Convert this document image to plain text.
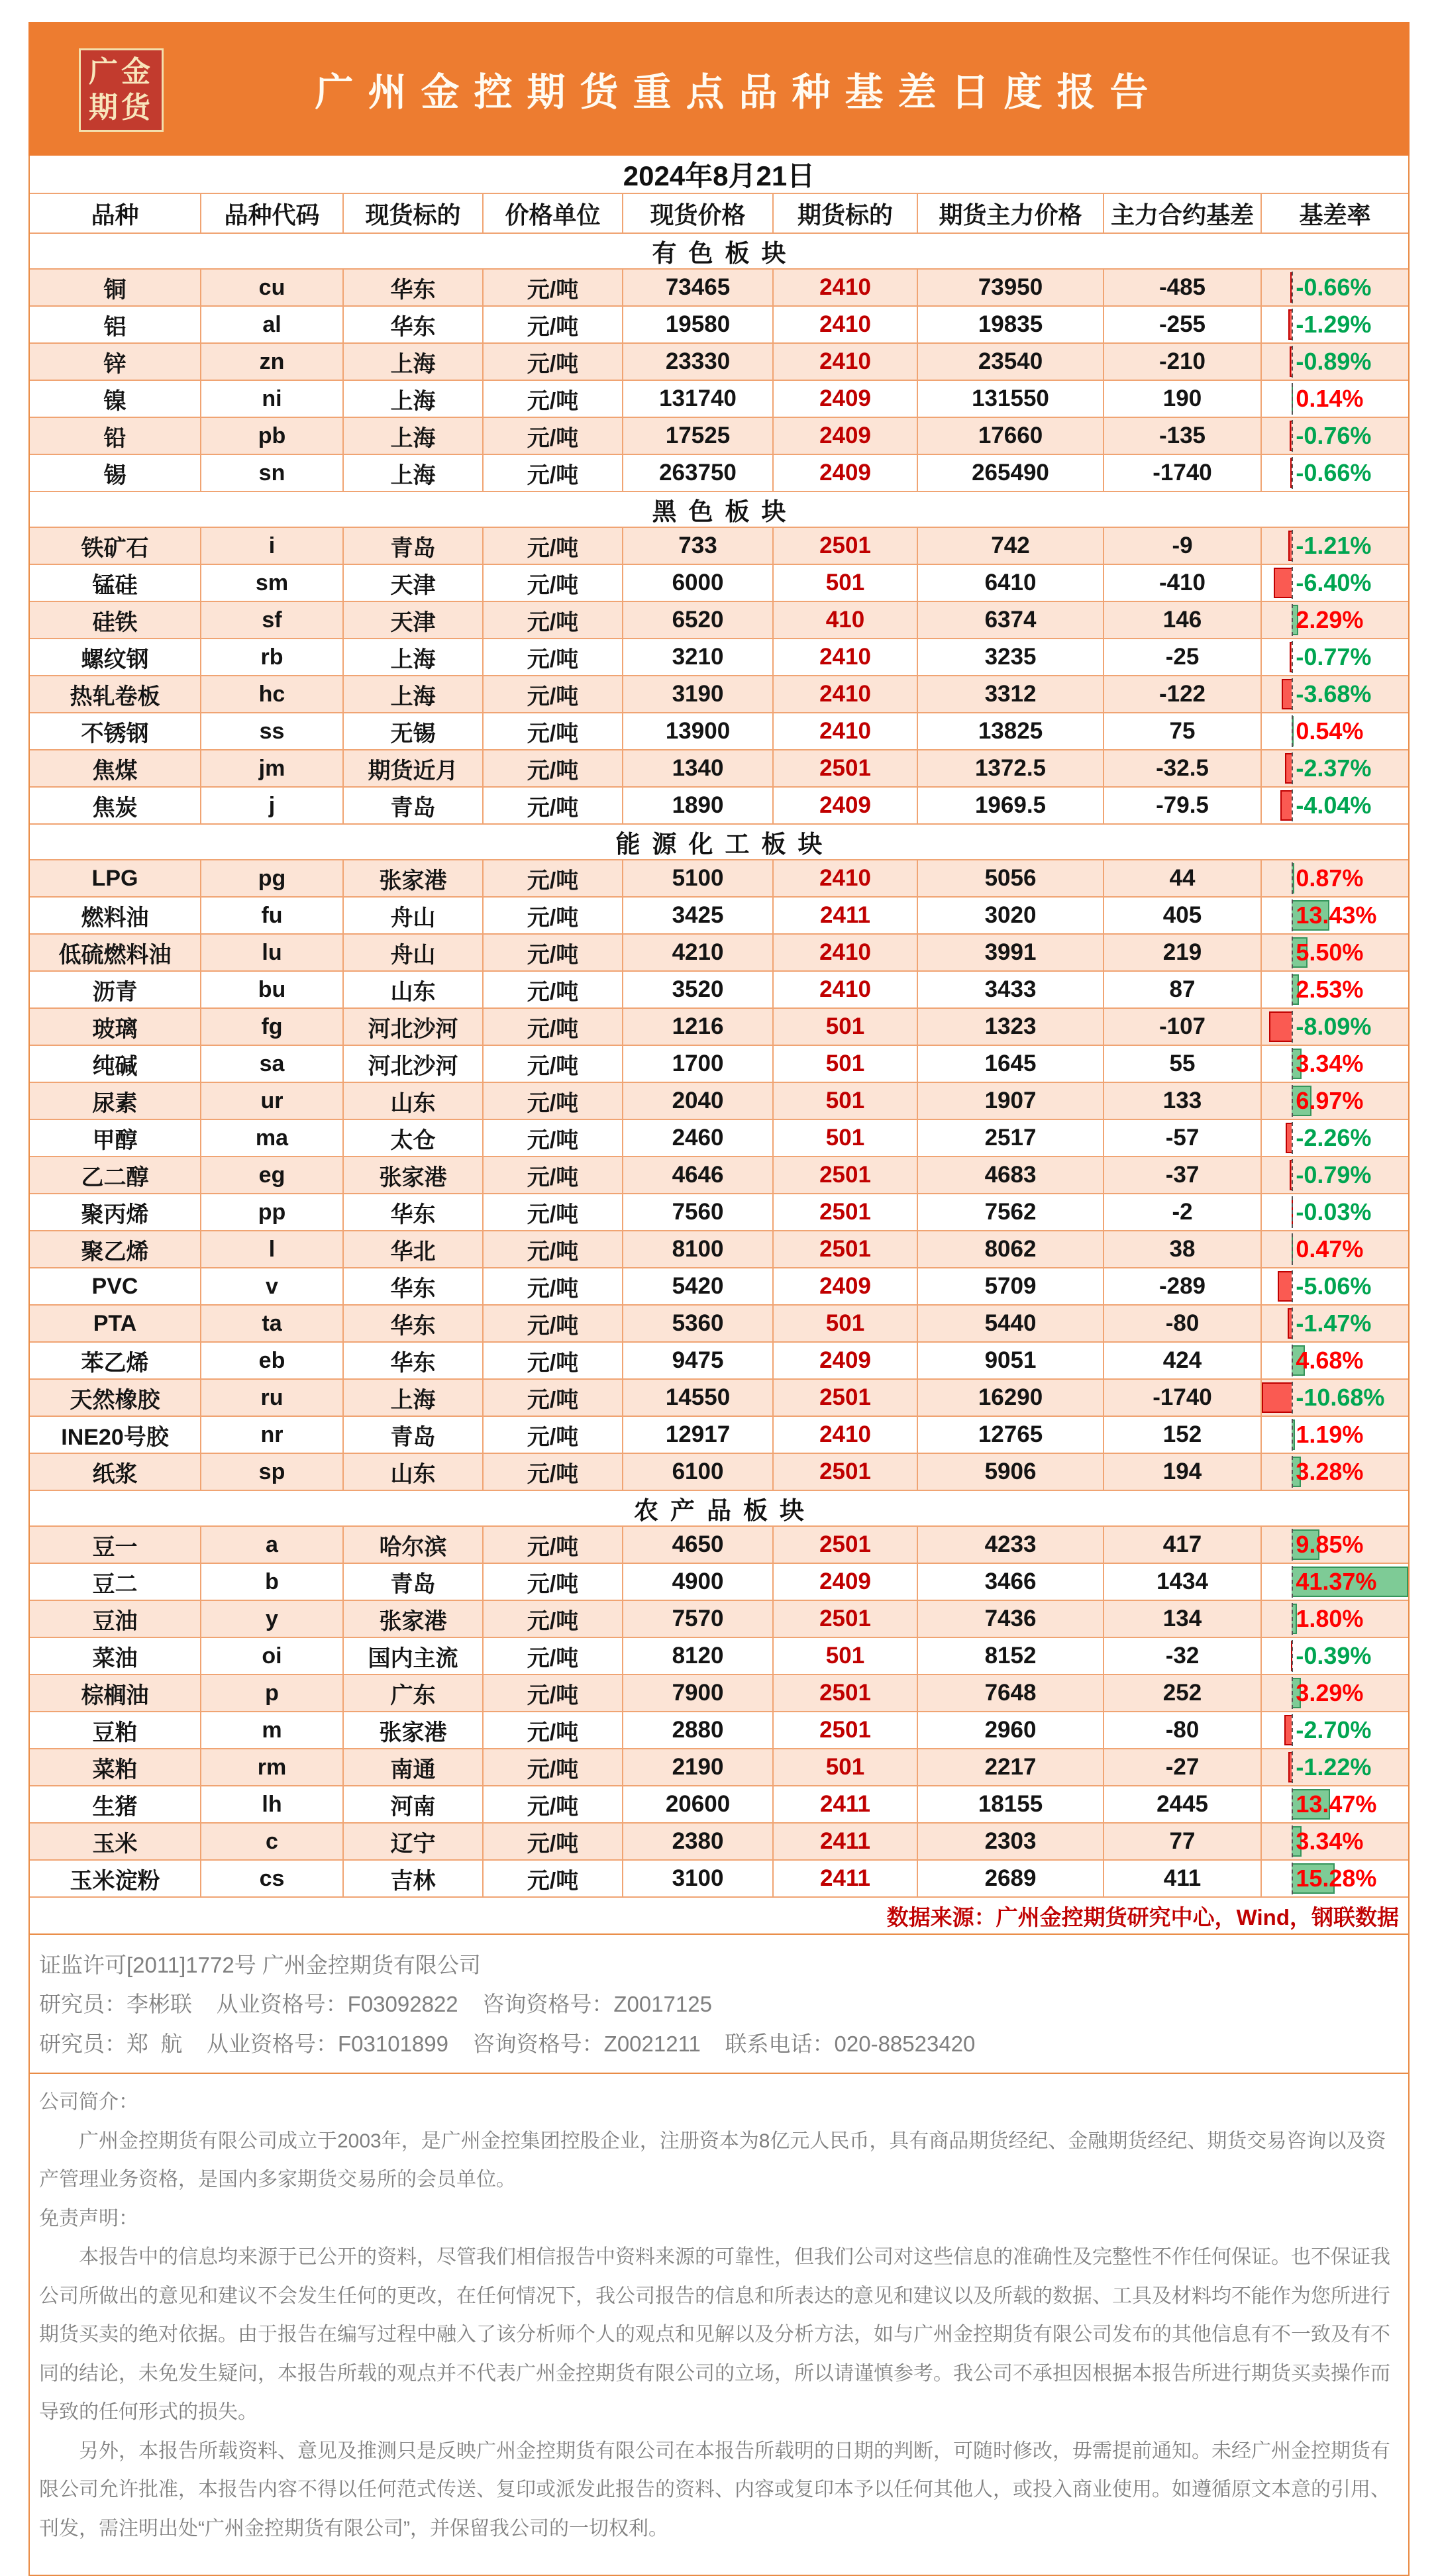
广金
期货	广州金控期货重点品种基差日度报告
2024年8月21日
品种	品种代码	现货标的	价格单位	现货价格	期货标的	期货主力价格	主力合约基差	基差率
有色板块
铜	cu	华东	元/吨	73465	2410	73950	-485	-0.66%
铝	al	华东	元/吨	19580	2410	19835	-255	-1.29%
锌	zn	上海	元/吨	23330	2410	23540	-210	-0.89%
镍	ni	上海	元/吨	131740	2409	131550	190	0.14%
铅	pb	上海	元/吨	17525	2409	17660	-135	-0.76%
锡	sn	上海	元/吨	263750	2409	265490	-1740	-0.66%
黑色板块
铁矿石	i	青岛	元/吨	733	2501	742	-9	-1.21%
锰硅	sm	天津	元/吨	6000	501	6410	-410	-6.40%
硅铁	sf	天津	元/吨	6520	410	6374	146	2.29%
螺纹钢	rb	上海	元/吨	3210	2410	3235	-25	-0.77%
热轧卷板	hc	上海	元/吨	3190	2410	3312	-122	-3.68%
不锈钢	ss	无锡	元/吨	13900	2410	13825	75	0.54%
焦煤	jm	期货近月	元/吨	1340	2501	1372.5	-32.5	-2.37%
焦炭	j	青岛	元/吨	1890	2409	1969.5	-79.5	-4.04%
能源化工板块
LPG	pg	张家港	元/吨	5100	2410	5056	44	0.87%
燃料油	fu	舟山	元/吨	3425	2411	3020	405	13.43%
低硫燃料油	lu	舟山	元/吨	4210	2410	3991	219	5.50%
沥青	bu	山东	元/吨	3520	2410	3433	87	2.53%
玻璃	fg	河北沙河	元/吨	1216	501	1323	-107	-8.09%
纯碱	sa	河北沙河	元/吨	1700	501	1645	55	3.34%
尿素	ur	山东	元/吨	2040	501	1907	133	6.97%
甲醇	ma	太仓	元/吨	2460	501	2517	-57	-2.26%
乙二醇	eg	张家港	元/吨	4646	2501	4683	-37	-0.79%
聚丙烯	pp	华东	元/吨	7560	2501	7562	-2	-0.03%
聚乙烯	l	华北	元/吨	8100	2501	8062	38	0.47%
PVC	v	华东	元/吨	5420	2409	5709	-289	-5.06%
PTA	ta	华东	元/吨	5360	501	5440	-80	-1.47%
苯乙烯	eb	华东	元/吨	9475	2409	9051	424	4.68%
天然橡胶	ru	上海	元/吨	14550	2501	16290	-1740	-10.68%
INE20号胶	nr	青岛	元/吨	12917	2410	12765	152	1.19%
纸浆	sp	山东	元/吨	6100	2501	5906	194	3.28%
农产品板块
豆一	a	哈尔滨	元/吨	4650	2501	4233	417	9.85%
豆二	b	青岛	元/吨	4900	2409	3466	1434	41.37%
豆油	y	张家港	元/吨	7570	2501	7436	134	1.80%
菜油	oi	国内主流	元/吨	8120	501	8152	-32	-0.39%
棕榈油	p	广东	元/吨	7900	2501	7648	252	3.29%
豆粕	m	张家港	元/吨	2880	2501	2960	-80	-2.70%
菜粕	rm	南通	元/吨	2190	501	2217	-27	-1.22%
生猪	lh	河南	元/吨	20600	2411	18155	2445	13.47%
玉米	c	辽宁	元/吨	2380	2411	2303	77	3.34%
玉米淀粉	cs	吉林	元/吨	3100	2411	2689	411	15.28%
数据来源：广州金控期货研究中心，Wind，钢联数据
证监许可[2011]1772号 广州金控期货有限公司
研究员：李彬联    从业资格号：F03092822    咨询资格号：Z0017125
研究员：郑  航    从业资格号：F03101899    咨询资格号：Z0021211    联系电话：020-88523420

公司简介：

广州金控期货有限公司成立于2003年，是广州金控集团控股企业，注册资本为8亿元人民币，具有商品期货经纪、金融期货经纪、期货交易咨询以及资产管理业务资格，是国内多家期货交易所的会员单位。

免责声明：

本报告中的信息均来源于已公开的资料，尽管我们相信报告中资料来源的可靠性，但我们公司对这些信息的准确性及完整性不作任何保证。也不保证我公司所做出的意见和建议不会发生任何的更改，在任何情况下，我公司报告的信息和所表达的意见和建议以及所载的数据、工具及材料均不能作为您所进行期货买卖的绝对依据。由于报告在编写过程中融入了该分析师个人的观点和见解以及分析方法，如与广州金控期货有限公司发布的其他信息有不一致及有不同的结论，未免发生疑问，本报告所载的观点并不代表广州金控期货有限公司的立场，所以请谨慎参考。我公司不承担因根据本报告所进行期货买卖操作而导致的任何形式的损失。

另外，本报告所载资料、意见及推测只是反映广州金控期货有限公司在本报告所载明的日期的判断，可随时修改，毋需提前通知。未经广州金控期货有限公司允许批准，本报告内容不得以任何范式传送、复印或派发此报告的资料、内容或复印本予以任何其他人，或投入商业使用。如遵循原文本意的引用、刊发，需注明出处“广州金控期货有限公司”，并保留我公司的一切权利。
